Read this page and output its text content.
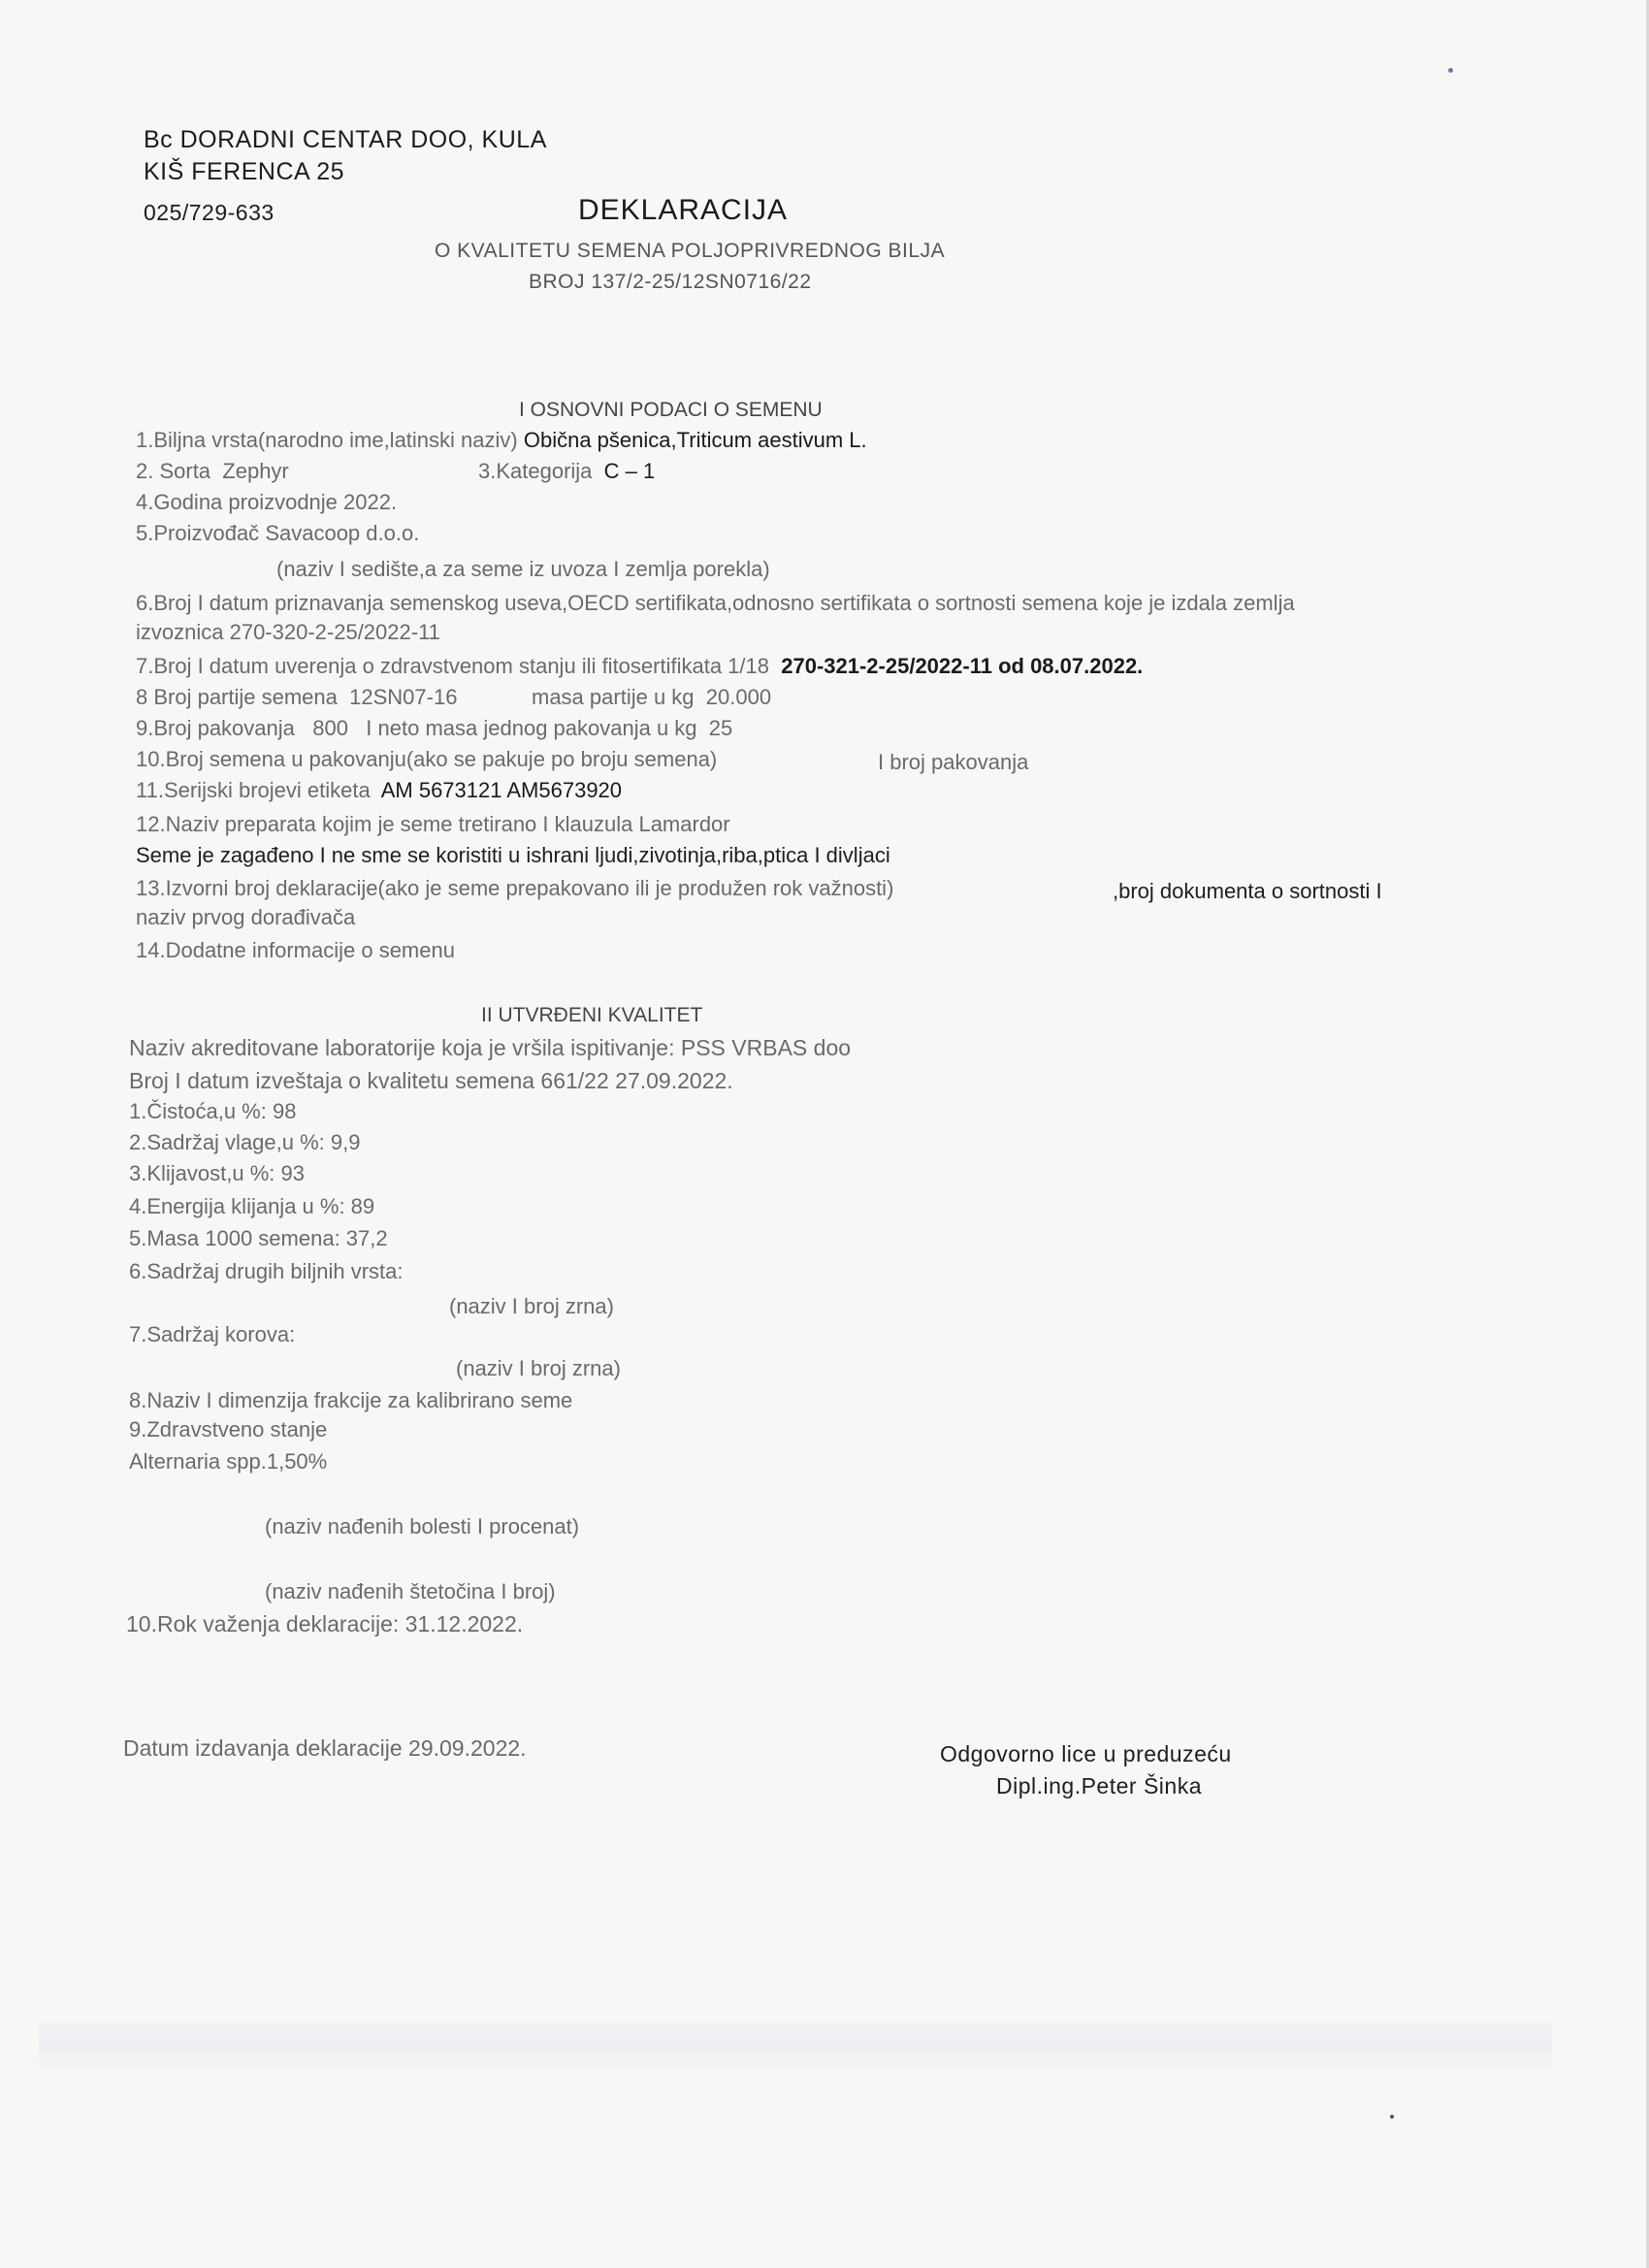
Bc DORADNI CENTAR DOO, KULA
KIŠ FERENCA 25
025/729-633	DEKLARACIJA
O KVALITETU SEMENA POLJOPRIVREDNOG BILJA
BROJ 137/2-25/12SN0716/22
I OSNOVNI PODACI O SEMENU
1.Biljna vrsta(narodno ime,latinski naziv) Obična pšenica,Triticum aestivum L.
2. Sorta Zephyr	3.Kategorija C – 1
4.Godina proizvodnje 2022.
5.Proizvođač Savacoop d.o.o.
(naziv I sedište,a za seme iz uvoza I zemlja porekla)
6.Broj I datum priznavanja semenskog useva,OECD sertifikata,odnosno sertifikata o sortnosti semena koje je izdala zemlja
izvoznica 270-320-2-25/2022-11
7.Broj I datum uverenja o zdravstvenom stanju ili fitosertifikata 1/18 270-321-2-25/2022-11 od 08.07.2022.
8 Broj partije semena 12SN07-16	masa partije u kg 20.000
9.Broj pakovanja 800 I neto masa jednog pakovanja u kg 25
10.Broj semena u pakovanju(ako se pakuje po broju semena)	I broj pakovanja
11.Serijski brojevi etiketa AM 5673121 AM5673920
12.Naziv preparata kojim je seme tretirano I klauzula Lamardor
Seme je zagađeno I ne sme se koristiti u ishrani ljudi,zivotinja,riba,ptica I divljaci
13.Izvorni broj deklaracije(ako je seme prepakovano ili je produžen rok važnosti)	,broj dokumenta o sortnosti I
naziv prvog dorađivača
14.Dodatne informacije o semenu
II UTVRĐENI KVALITET
Naziv akreditovane laboratorije koja je vršila ispitivanje: PSS VRBAS doo
Broj I datum izveštaja o kvalitetu semena 661/22 27.09.2022.
1.Čistoća,u %: 98
2.Sadržaj vlage,u %: 9,9
3.Klijavost,u %: 93
4.Energija klijanja u %: 89
5.Masa 1000 semena: 37,2
6.Sadržaj drugih biljnih vrsta:
(naziv I broj zrna)
7.Sadržaj korova:
(naziv I broj zrna)
8.Naziv I dimenzija frakcije za kalibrirano seme
9.Zdravstveno stanje
Alternaria spp.1,50%
(naziv nađenih bolesti I procenat)
(naziv nađenih štetočina I broj)
10.Rok važenja deklaracije: 31.12.2022.
Datum izdavanja deklaracije 29.09.2022.	Odgovorno lice u preduzeću
Dipl.ing.Peter Šinka
